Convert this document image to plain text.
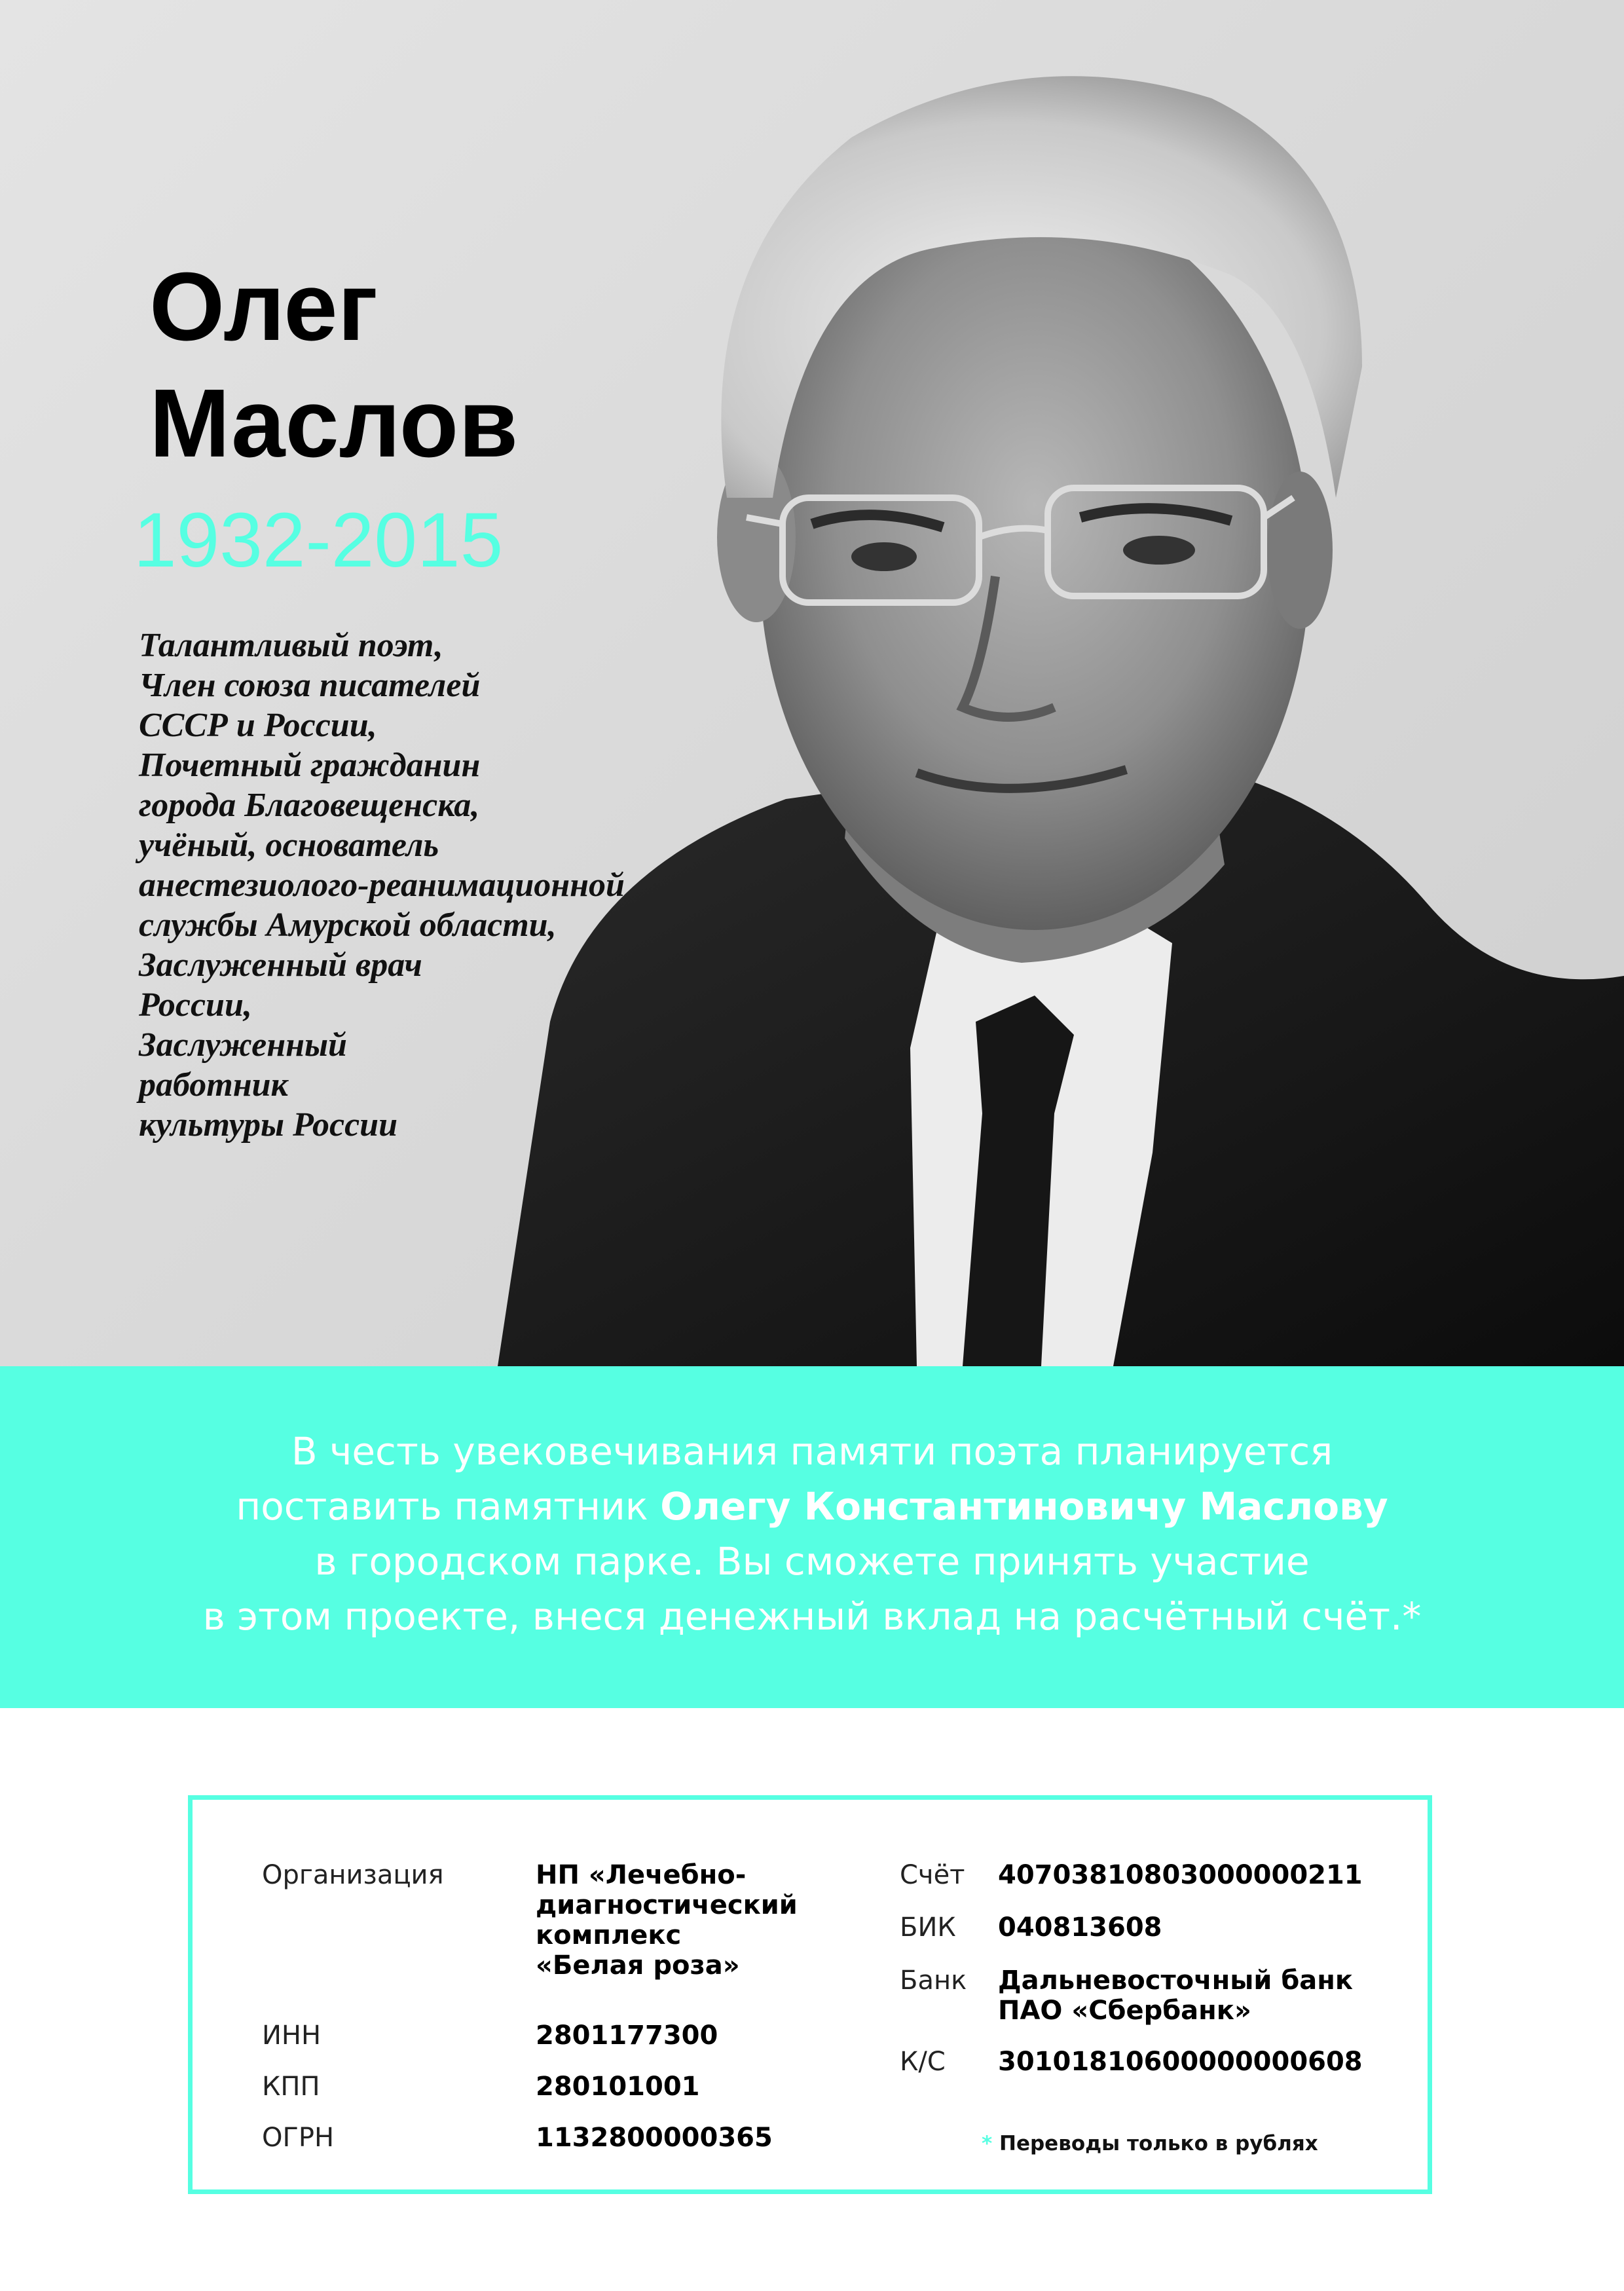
Олег
Маслов
1932-2015
Талантливый поэт,
Член союза писателей
СССР и России,
Почетный гражданин
города Благовещенска,
учёный, основатель
анестезиолого-реанимационной
службы Амурской области,
Заслуженный врач
России,
Заслуженный
работник
культуры России

В честь увековечивания памяти поэта планируется
поставить памятник Олегу Константиновичу Маслову
в городском парке. Вы сможете принять участие
в этом проекте, внеся денежный вклад на расчётный счёт.*

Организация	НП «Лечебно-
диагностический
комплекс
«Белая роза»
ИНН	2801177300
КПП	280101001
ОГРН	1132800000365
Счёт 40703810803000000211
БИК 040813608
Банк Дальневосточный банк
ПАО «Сбербанк»
К/С 30101810600000000608
* Переводы только в рублях
